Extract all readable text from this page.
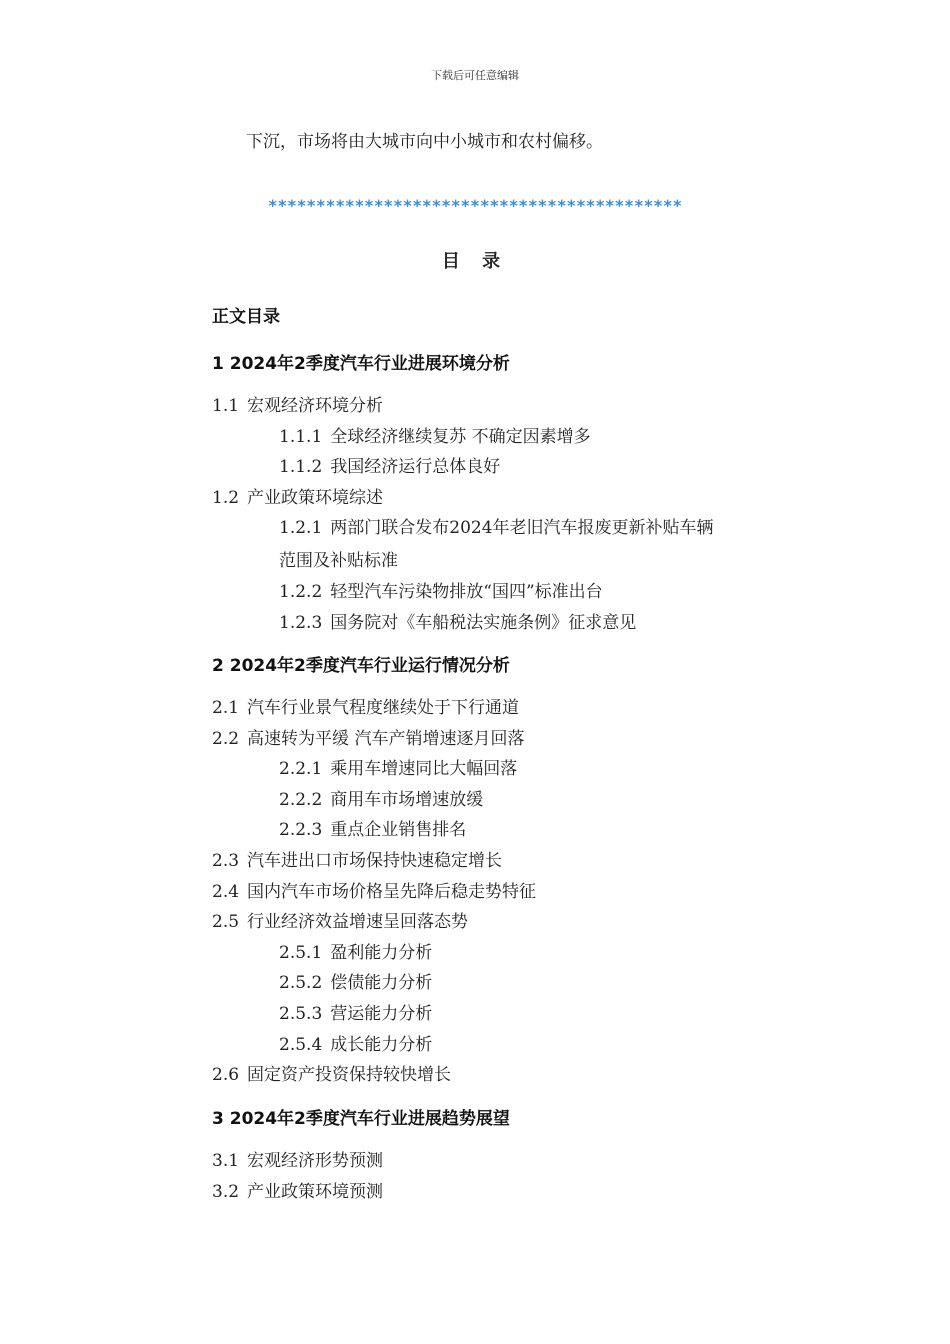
下载后可任意编辑
下沉，市场将由大城市向中小城市和农村偏移。
*******************************************
目 录
正文目录
1 2024年2季度汽车行业进展环境分析
1.1 宏观经济环境分析
1.1.1 全球经济继续复苏 不确定因素增多
1.1.2 我国经济运行总体良好
1.2 产业政策环境综述
1.2.1 两部门联合发布2024年老旧汽车报废更新补贴车辆
范围及补贴标准
1.2.2 轻型汽车污染物排放“国四”标准出台
1.2.3 国务院对《车船税法实施条例》征求意见
2 2024年2季度汽车行业运行情况分析
2.1 汽车行业景气程度继续处于下行通道
2.2 高速转为平缓 汽车产销增速逐月回落
2.2.1 乘用车增速同比大幅回落
2.2.2 商用车市场增速放缓
2.2.3 重点企业销售排名
2.3 汽车进出口市场保持快速稳定增长
2.4 国内汽车市场价格呈先降后稳走势特征
2.5 行业经济效益增速呈回落态势
2.5.1 盈利能力分析
2.5.2 偿债能力分析
2.5.3 营运能力分析
2.5.4 成长能力分析
2.6 固定资产投资保持较快增长
3 2024年2季度汽车行业进展趋势展望
3.1 宏观经济形势预测
3.2 产业政策环境预测
